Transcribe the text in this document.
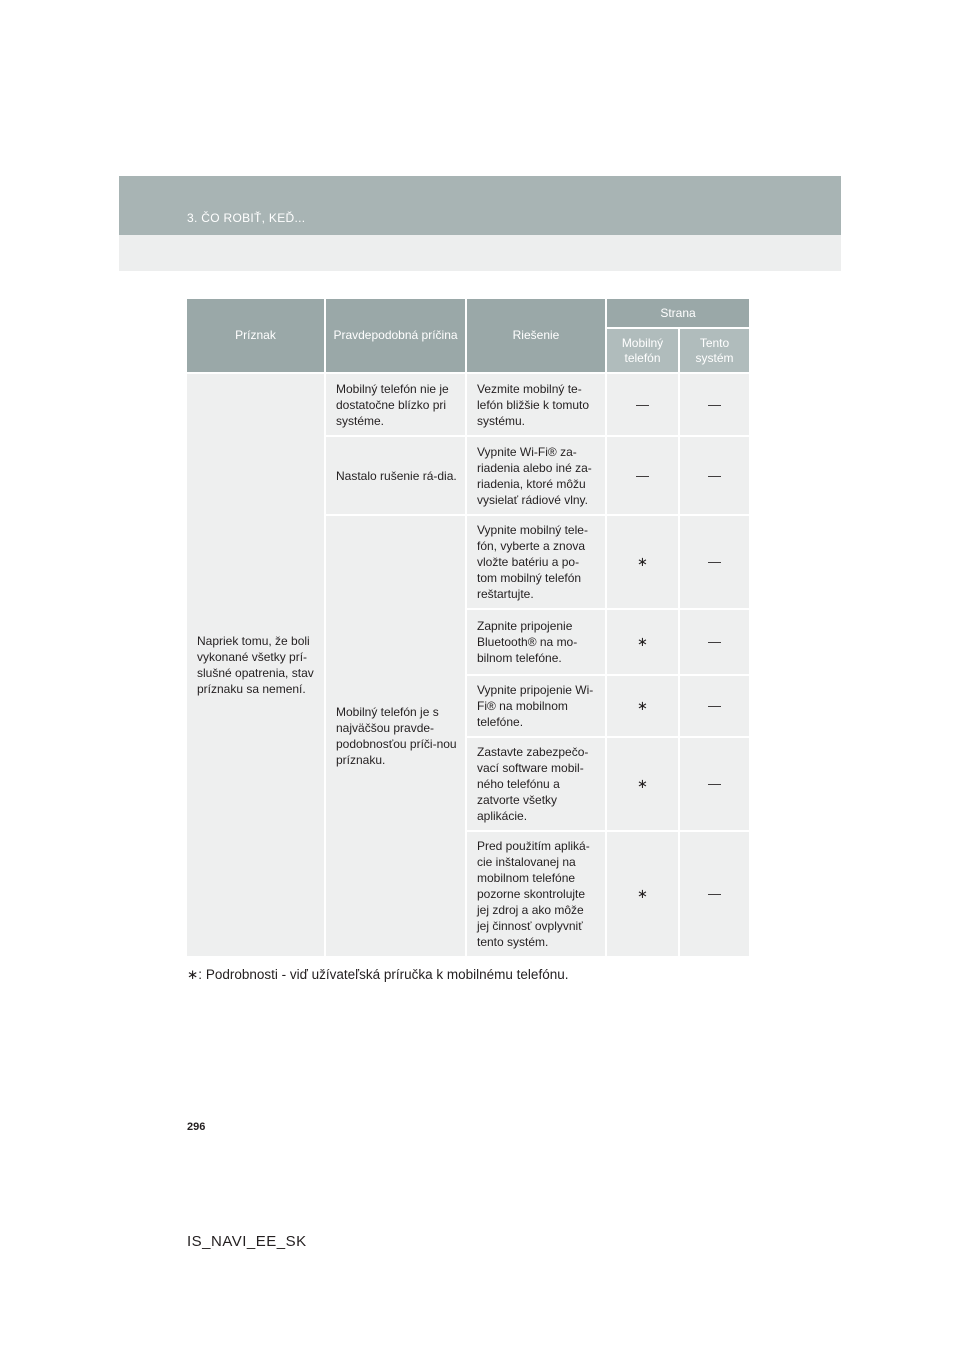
3. ČO ROBIŤ, KEĎ...
Príznak	Pravdepodobná príčina	Riešenie	Strana	
			Mobilný telefón	Tento systém
Napriek tomu, že boli vykonané všetky prí-slušné opatrenia, stav príznaku sa nemení.	Mobilný telefón nie je dostatočne blízko pri systéme.	Vezmite mobilný te-lefón bližšie k tomuto systému.	—	—
	Nastalo rušenie rá-dia.	Vypnite Wi-Fi® za-riadenia alebo iné za-riadenia, ktoré môžu vysielať rádiové vlny.	—	—
	Mobilný telefón je s najväčšou pravde-podobnosťou príči-nou príznaku.	Vypnite mobilný tele-fón, vyberte a znova vložte batériu a po-tom mobilný telefón reštartujte.	∗	—
		Zapnite pripojenie Bluetooth® na mo-bilnom telefóne.	∗	—
		Vypnite pripojenie Wi-Fi® na mobilnom telefóne.	∗	—
		Zastavte zabezpečo-vací software mobil-ného telefónu a zatvorte všetky aplikácie.	∗	—
		Pred použitím apliká-cie inštalovanej na mobilnom telefóne pozorne skontrolujte jej zdroj a ako môže jej činnosť ovplyvniť tento systém.	∗	—
∗: Podrobnosti - viď užívateľská príručka k mobilnému telefónu.
296
IS_NAVI_EE_SK
